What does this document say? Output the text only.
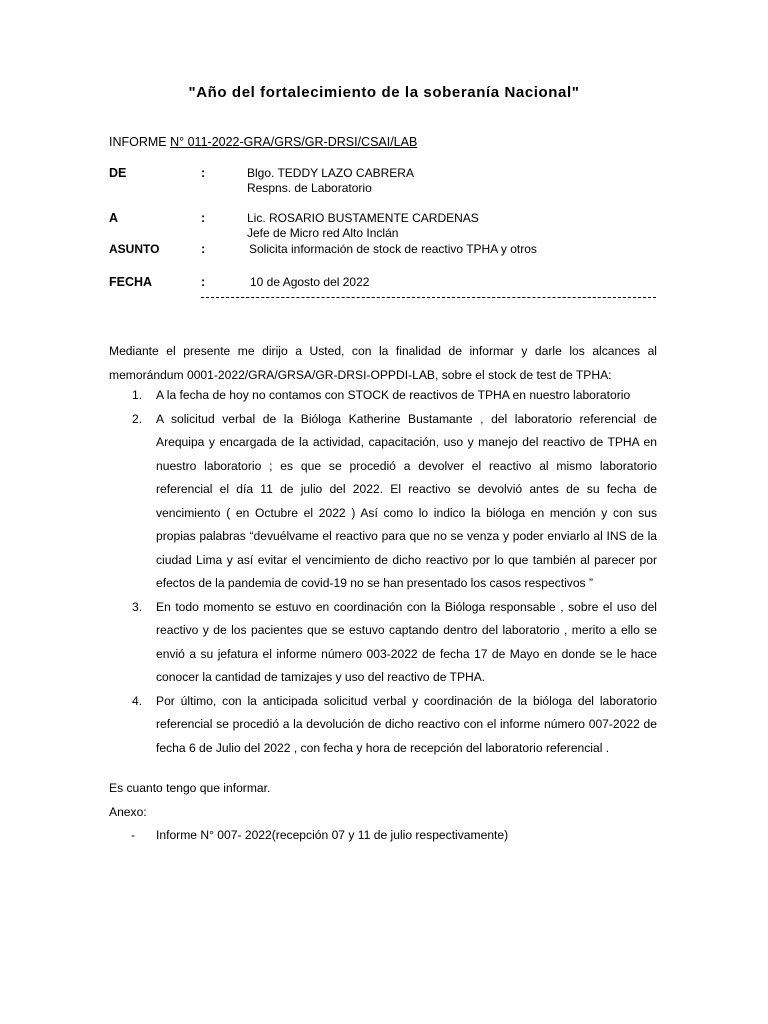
"Año del fortalecimiento de la soberanía Nacional"
INFORME N° 011-2022-GRA/GRS/GR-DRSI/CSAI/LAB
DE	:	Blgo. TEDDY LAZO CABRERA
Respns. de Laboratorio
A	:	Lic. ROSARIO BUSTAMENTE CARDENAS
Jefe de Micro red Alto Inclán
ASUNTO	:	Solicita información de stock de reactivo TPHA y otros
FECHA	:	10 de Agosto del 2022
Mediante el presente me dirijo a Usted, con la finalidad de informar y darle los alcances al memorándum 0001-2022/GRA/GRSA/GR-DRSI-OPPDI-LAB, sobre el stock de test de TPHA:
1. A la fecha de hoy no contamos con STOCK de reactivos de TPHA en nuestro laboratorio
2. A solicitud verbal de la Bióloga Katherine Bustamante , del laboratorio referencial de Arequipa y encargada de la actividad, capacitación, uso y manejo del reactivo de TPHA en nuestro laboratorio ; es que se procedió a devolver el reactivo al mismo laboratorio referencial el día 11 de julio del 2022. El reactivo se devolvió antes de su fecha de vencimiento ( en Octubre el 2022 ) Así como lo indico la bióloga en mención y con sus propias palabras “devuélvame el reactivo para que no se venza y poder enviarlo al INS de la ciudad Lima y así evitar el vencimiento de dicho reactivo por lo que también al parecer por efectos de la pandemia de covid-19 no se han presentado los casos respectivos ”
3. En todo momento se estuvo en coordinación con la Bióloga responsable , sobre el uso del reactivo y de los pacientes que se estuvo captando dentro del laboratorio , merito a ello se envió a su jefatura el informe número 003-2022 de fecha 17 de Mayo en donde se le hace conocer la cantidad de tamizajes y uso del reactivo de TPHA.
4. Por último, con la anticipada solicitud verbal y coordinación de la bióloga del laboratorio referencial se procedió a la devolución de dicho reactivo con el informe número 007-2022 de fecha 6 de Julio del 2022 , con fecha y hora de recepción del laboratorio referencial .
Es cuanto tengo que informar.
Anexo:
- Informe N° 007- 2022(recepción 07 y 11 de julio respectivamente)
